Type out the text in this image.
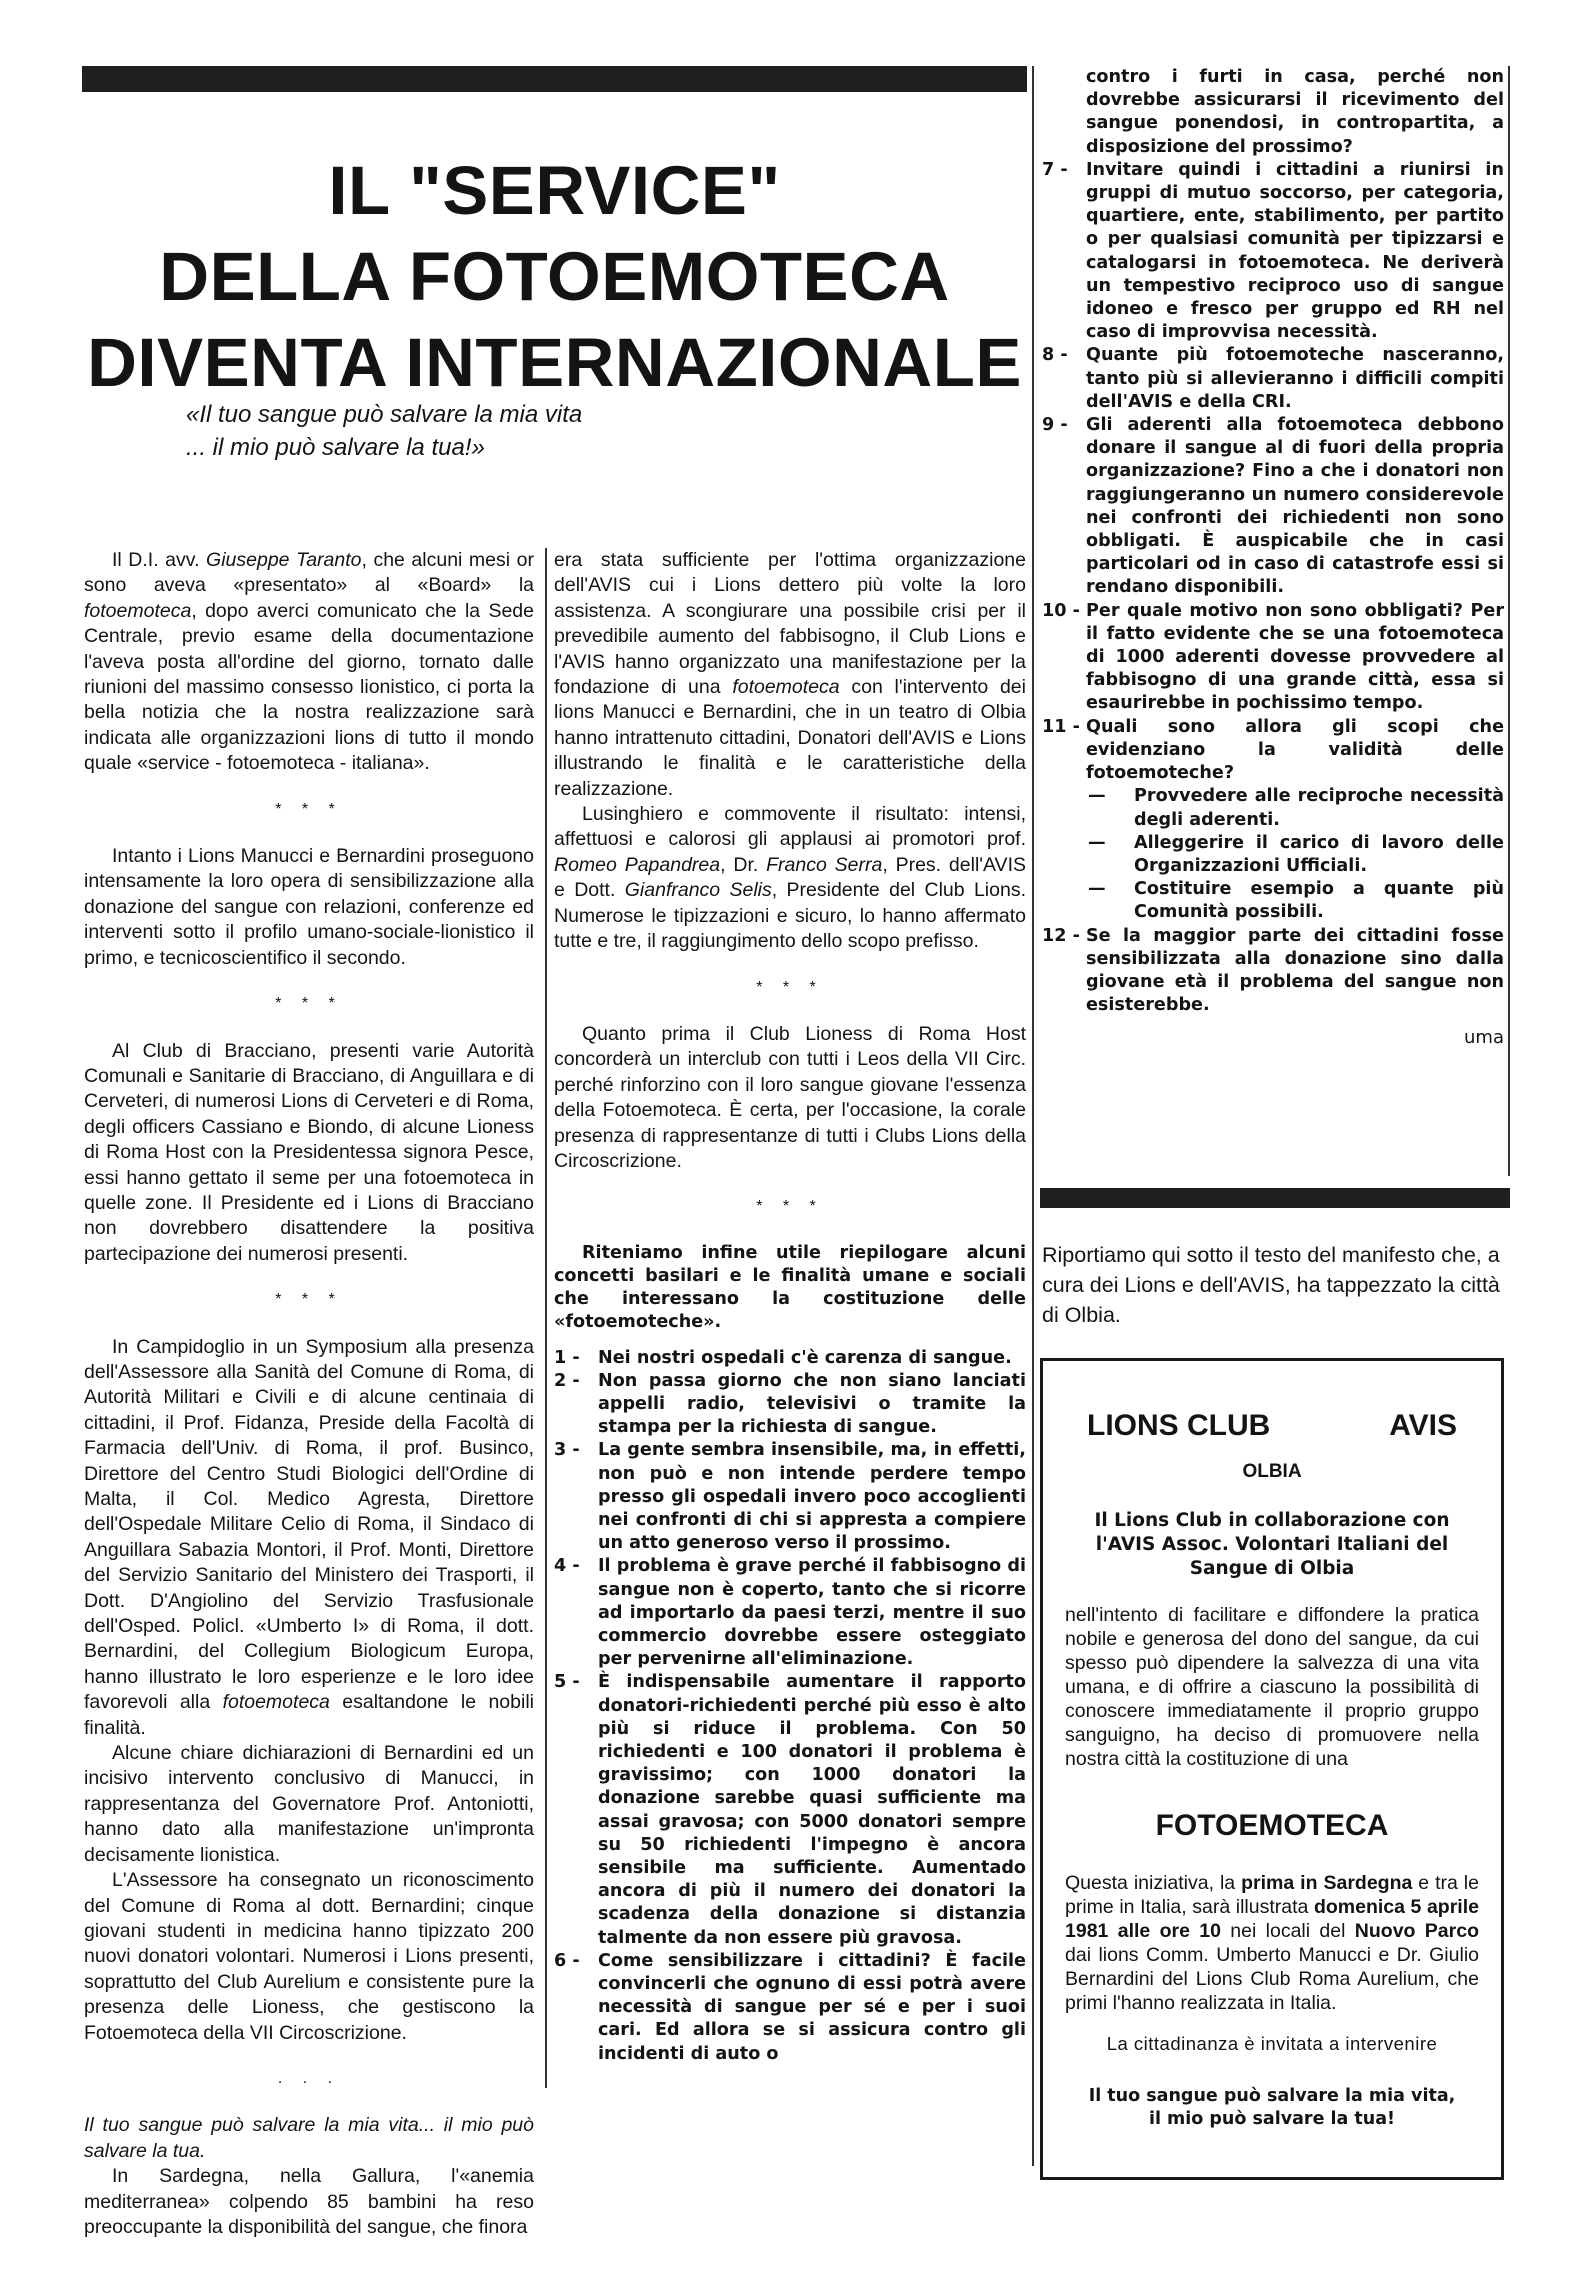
IL "SERVICE"
DELLA FOTOEMOTECA
DIVENTA INTERNAZIONALE
«Il tuo sangue può salvare la mia vita
... il mio può salvare la tua!»

Il D.I. avv. Giuseppe Taranto, che alcuni mesi or sono aveva «presentato» al «Board» la fotoemoteca, dopo averci comunicato che la Sede Centrale, previo esame della documentazione l'aveva posta all'ordine del giorno, tornato dalle riunioni del massimo consesso lionistico, ci porta la bella notizia che la nostra realizzazione sarà indicata alle organizzazioni lions di tutto il mondo quale «service - fotoemoteca - italiana».

* * *

Intanto i Lions Manucci e Bernardini proseguono intensamente la loro opera di sensibilizzazione alla donazione del sangue con relazioni, conferenze ed interventi sotto il profilo umano-sociale-lionistico il primo, e tecnicoscientifico il secondo.

* * *

Al Club di Bracciano, presenti varie Autorità Comunali e Sanitarie di Bracciano, di Anguillara e di Cerveteri, di numerosi Lions di Cerveteri e di Roma, degli officers Cassiano e Biondo, di alcune Lioness di Roma Host con la Presidentessa signora Pesce, essi hanno gettato il seme per una fotoemoteca in quelle zone. Il Presidente ed i Lions di Bracciano non dovrebbero disattendere la positiva partecipazione dei numerosi presenti.

* * *

In Campidoglio in un Symposium alla presenza dell'Assessore alla Sanità del Comune di Roma, di Autorità Militari e Civili e di alcune centinaia di cittadini, il Prof. Fidanza, Preside della Facoltà di Farmacia dell'Univ. di Roma, il prof. Businco, Direttore del Centro Studi Biologici dell'Ordine di Malta, il Col. Medico Agresta, Direttore dell'Ospedale Militare Celio di Roma, il Sindaco di Anguillara Sabazia Montori, il Prof. Monti, Direttore del Servizio Sanitario del Ministero dei Trasporti, il Dott. D'Angiolino del Servizio Trasfusionale dell'Osped. Policl. «Umberto I» di Roma, il dott. Bernardini, del Collegium Biologicum Europa, hanno illustrato le loro esperienze e le loro idee favorevoli alla fotoemoteca esaltandone le nobili finalità.

Alcune chiare dichiarazioni di Bernardini ed un incisivo intervento conclusivo di Manucci, in rappresentanza del Governatore Prof. Antoniotti, hanno dato alla manifestazione un'impronta decisamente lionistica.

L'Assessore ha consegnato un riconoscimento del Comune di Roma al dott. Bernardini; cinque giovani studenti in medicina hanno tipizzato 200 nuovi donatori volontari. Numerosi i Lions presenti, soprattutto del Club Aurelium e consistente pure la presenza delle Lioness, che gestiscono la Fotoemoteca della VII Circoscrizione.

. . .

Il tuo sangue può salvare la mia vita... il mio può salvare la tua.

In Sardegna, nella Gallura, l'«anemia mediterranea» colpendo 85 bambini ha reso preoccupante la disponibilità del sangue, che finora

era stata sufficiente per l'ottima organizzazione dell'AVIS cui i Lions dettero più volte la loro assistenza. A scongiurare una possibile crisi per il prevedibile aumento del fabbisogno, il Club Lions e l'AVIS hanno organizzato una manifestazione per la fondazione di una fotoemoteca con l'intervento dei lions Manucci e Bernardini, che in un teatro di Olbia hanno intrattenuto cittadini, Donatori dell'AVIS e Lions illustrando le finalità e le caratteristiche della realizzazione.

Lusinghiero e commovente il risultato: intensi, affettuosi e calorosi gli applausi ai promotori prof. Romeo Papandrea, Dr. Franco Serra, Pres. dell'AVIS e Dott. Gianfranco Selis, Presidente del Club Lions. Numerose le tipizzazioni e sicuro, lo hanno affermato tutte e tre, il raggiungimento dello scopo prefisso.

* * *

Quanto prima il Club Lioness di Roma Host concorderà un interclub con tutti i Leos della VII Circ. perché rinforzino con il loro sangue giovane l'essenza della Fotoemoteca. È certa, per l'occasione, la corale presenza di rappresentanze di tutti i Clubs Lions della Circoscrizione.

* * *

Riteniamo infine utile riepilogare alcuni concetti basilari e le finalità umane e sociali che interessano la costituzione delle «fotoemoteche».

1 -	Nei nostri ospedali c'è carenza di sangue.
2 -	Non passa giorno che non siano lanciati appelli radio, televisivi o tramite la stampa per la richiesta di sangue.
3 -	La gente sembra insensibile, ma, in effetti, non può e non intende perdere tempo presso gli ospedali invero poco accoglienti nei confronti di chi si appresta a compiere un atto generoso verso il prossimo.
4 -	Il problema è grave perché il fabbisogno di sangue non è coperto, tanto che si ricorre ad importarlo da paesi terzi, mentre il suo commercio dovrebbe essere osteggiato per pervenirne all'eliminazione.
5 -	È indispensabile aumentare il rapporto donatori-richiedenti perché più esso è alto più si riduce il problema. Con 50 richiedenti e 100 donatori il problema è gravissimo; con 1000 donatori la donazione sarebbe quasi sufficiente ma assai gravosa; con 5000 donatori sempre su 50 richiedenti l'impegno è ancora sensibile ma sufficiente. Aumentado ancora di più il numero dei donatori la scadenza della donazione si distanzia talmente da non essere più gravosa.
6 -	Come sensibilizzare i cittadini? È facile convincerli che ognuno di essi potrà avere necessità di sangue per sé e per i suoi cari. Ed allora se si assicura contro gli incidenti di auto o
contro i furti in casa, perché non dovrebbe assicurarsi il ricevimento del sangue ponendosi, in contropartita, a disposizione del prossimo?
7 -	Invitare quindi i cittadini a riunirsi in gruppi di mutuo soccorso, per categoria, quartiere, ente, stabilimento, per partito o per qualsiasi comunità per tipizzarsi e catalogarsi in fotoemoteca. Ne deriverà un tempestivo reciproco uso di sangue idoneo e fresco per gruppo ed RH nel caso di improvvisa necessità.
8 -	Quante più fotoemoteche nasceranno, tanto più si allevieranno i difficili compiti dell'AVIS e della CRI.
9 -	Gli aderenti alla fotoemoteca debbono donare il sangue al di fuori della propria organizzazione? Fino a che i donatori non raggiungeranno un numero considerevole nei confronti dei richiedenti non sono obbligati. È auspicabile che in casi particolari od in caso di catastrofe essi si rendano disponibili.
10 - Per quale motivo non sono obbligati? Per il fatto evidente che se una fotoemoteca di 1000 aderenti dovesse provvedere al fabbisogno di una grande città, essa si esaurirebbe in pochissimo tempo.
11 - Quali sono allora gli scopi che evidenziano la validità delle fotoemoteche?
—	Provvedere alle reciproche necessità degli aderenti.
—	Alleggerire il carico di lavoro delle Organizzazioni Ufficiali.
—	Costituire esempio a quante più Comunità possibili.
12 - Se la maggior parte dei cittadini fosse sensibilizzata alla donazione sino dalla giovane età il problema del sangue non esisterebbe.
uma
Riportiamo qui sotto il testo del manifesto che, a cura dei Lions e dell'AVIS, ha tappezzato la città di Olbia.
LIONS CLUB	AVIS
OLBIA
Il Lions Club in collaborazione con l'AVIS Assoc. Volontari Italiani del Sangue di Olbia
nell'intento di facilitare e diffondere la pratica nobile e generosa del dono del sangue, da cui spesso può dipendere la salvezza di una vita umana, e di offrire a ciascuno la possibilità di conoscere immediatamente il proprio gruppo sanguigno, ha deciso di promuovere nella nostra città la costituzione di una
FOTOEMOTECA
Questa iniziativa, la prima in Sardegna e tra le prime in Italia, sarà illustrata domenica 5 aprile 1981 alle ore 10 nei locali del Nuovo Parco dai lions Comm. Umberto Manucci e Dr. Giulio Bernardini del Lions Club Roma Aurelium, che primi l'hanno realizzata in Italia.
La cittadinanza è invitata a intervenire
Il tuo sangue può salvare la mia vita,
il mio può salvare la tua!
